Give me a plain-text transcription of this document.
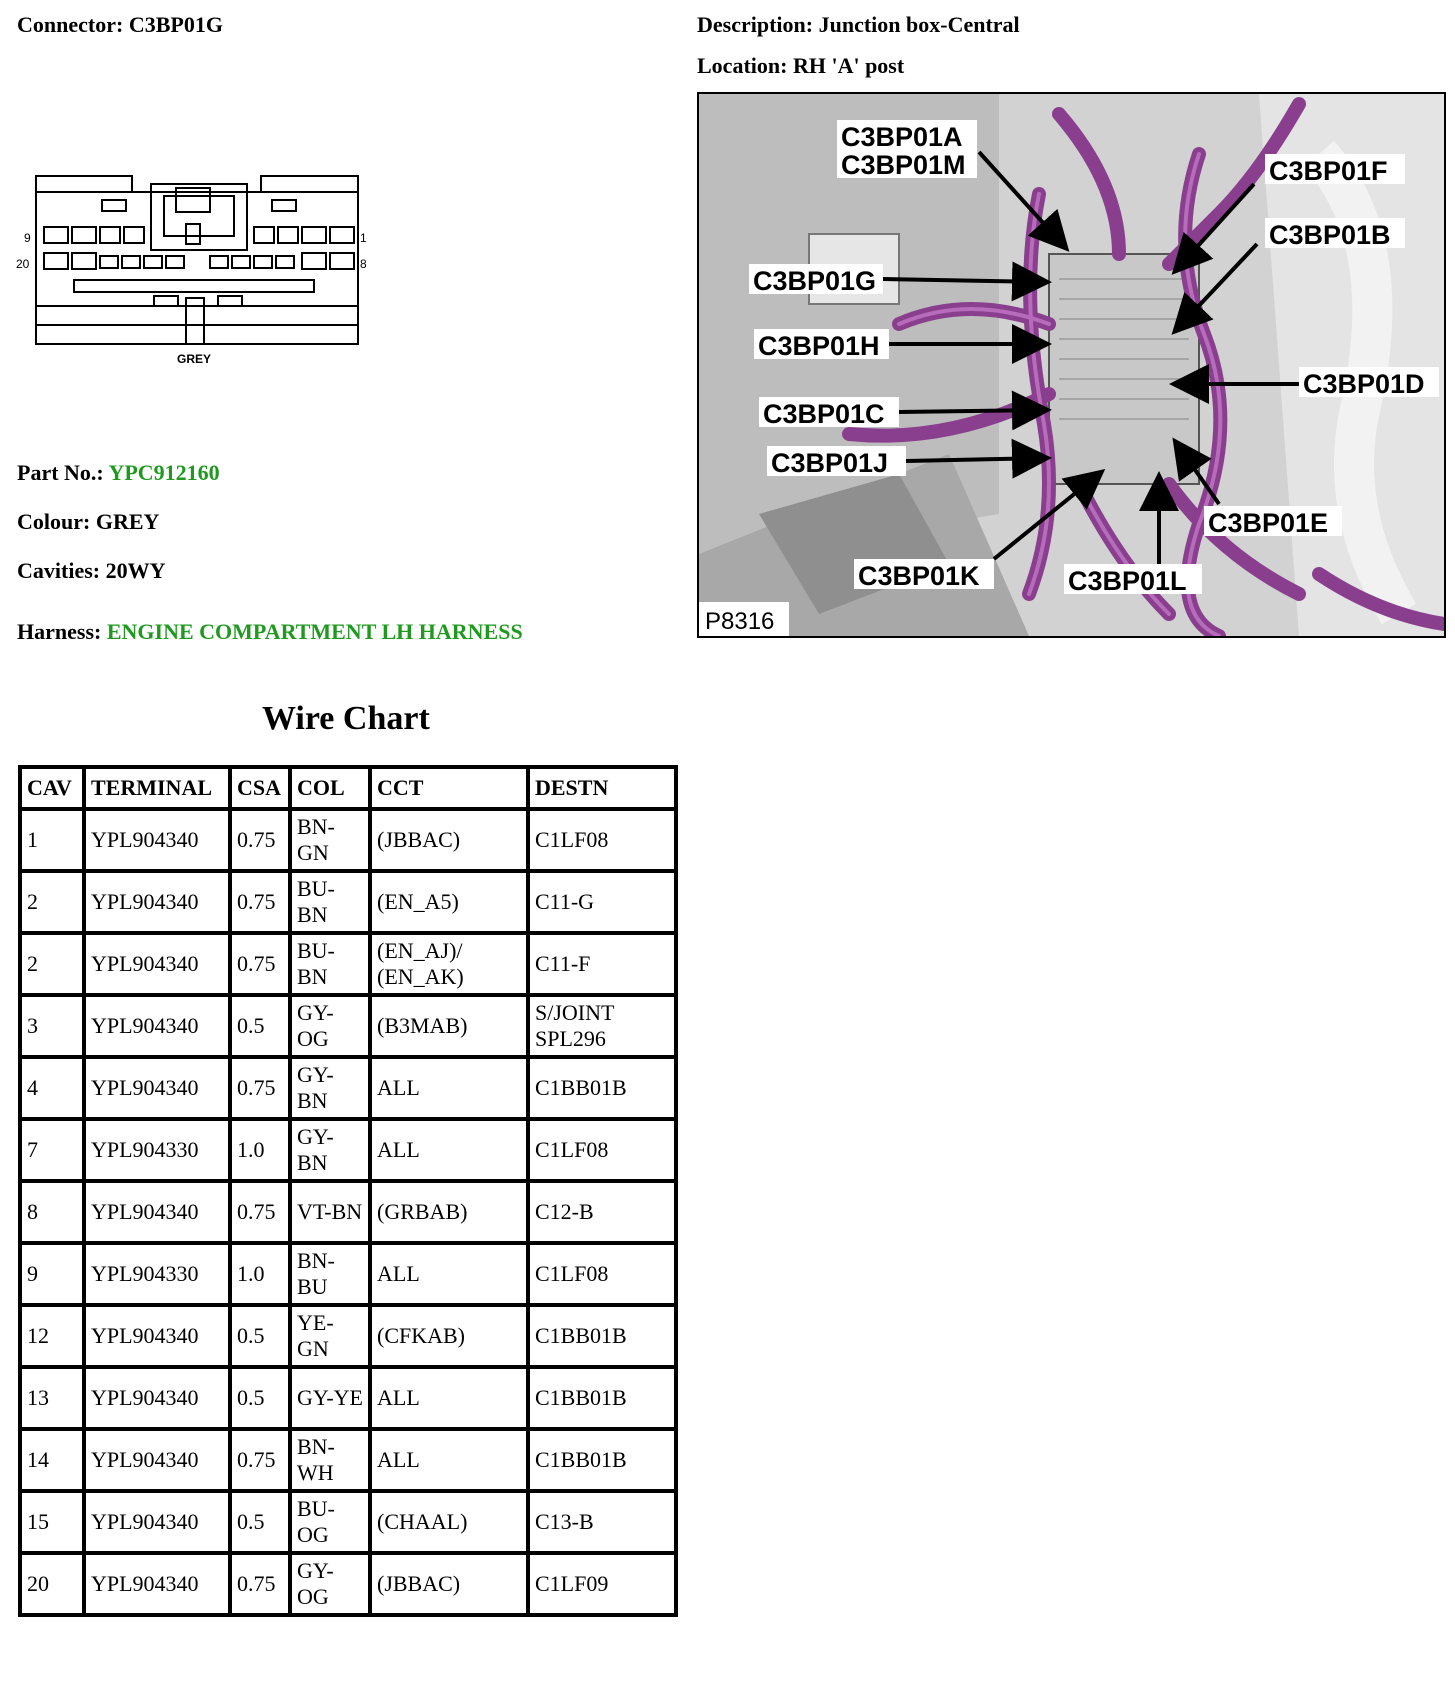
Connector: C3BP01G	Description: Junction box-Central
Location: RH 'A' post
9	1
20	8
GREY
C3BP01A
C3BP01M
C3BP01G
C3BP01H
C3BP01C
C3BP01J
C3BP01K	C3BP01L
C3BP01E
C3BP01D
C3BP01B
C3BP01F
P8316
Part No.: YPC912160
Colour: GREY
Cavities: 20WY
Harness: ENGINE COMPARTMENT LH HARNESS
Wire Chart
CAV	TERMINAL	CSA	COL	CCT	DESTN
1	YPL904340	0.75	BN-GN	(JBBAC)	C1LF08
2	YPL904340	0.75	BU-BN	(EN_A5)	C11-G
2	YPL904340	0.75	BU-BN	(EN_AJ)/ (EN_AK)	C11-F
3	YPL904340	0.5	GY-OG	(B3MAB)	S/JOINT SPL296
4	YPL904340	0.75	GY-BN	ALL	C1BB01B
7	YPL904330	1.0	GY-BN	ALL	C1LF08
8	YPL904340	0.75	VT-BN	(GRBAB)	C12-B
9	YPL904330	1.0	BN-BU	ALL	C1LF08
12	YPL904340	0.5	YE-GN	(CFKAB)	C1BB01B
13	YPL904340	0.5	GY-YE	ALL	C1BB01B
14	YPL904340	0.75	BN-WH	ALL	C1BB01B
15	YPL904340	0.5	BU-OG	(CHAAL)	C13-B
20	YPL904340	0.75	GY-OG	(JBBAC)	C1LF09
